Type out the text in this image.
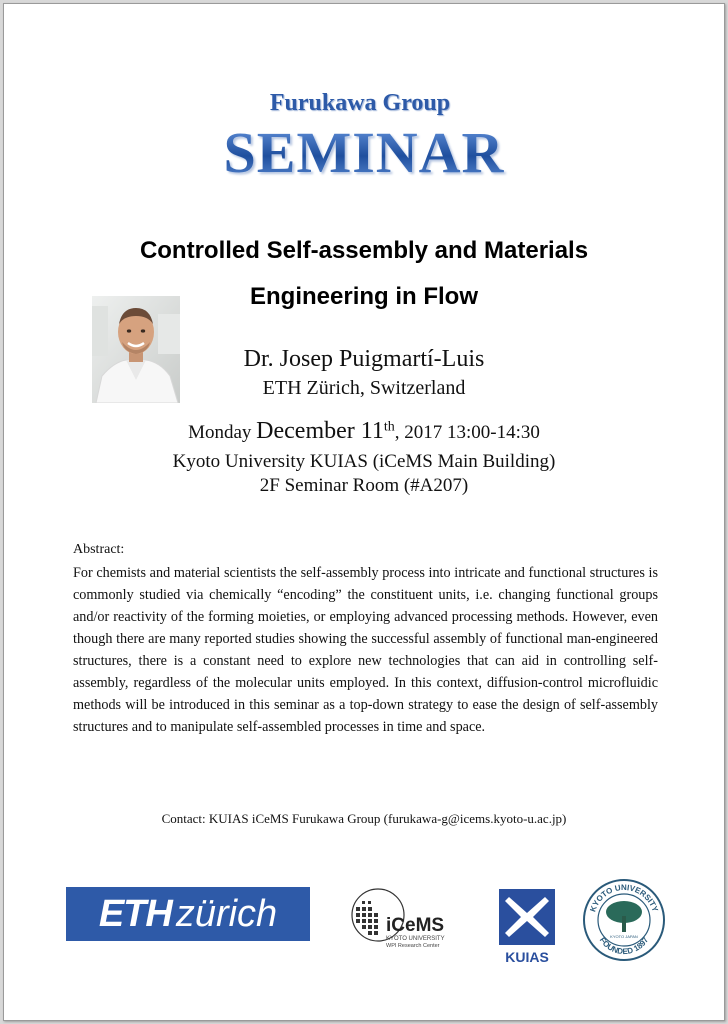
Furukawa Group
SEMINAR
Controlled Self-assembly and Materials
Engineering in Flow
Dr. Josep Puigmartí-Luis
ETH Zürich, Switzerland
Monday December 11th, 2017 13:00-14:30
Kyoto University KUIAS (iCeMS Main Building)
2F Seminar Room (#A207)
Abstract:
For chemists and material scientists the self-assembly process into intricate and functional structures is commonly studied via chemically “encoding” the constituent units, i.e. changing functional groups and/or reactivity of the forming moieties, or employing advanced processing methods. However, even though there are many reported studies showing the successful assembly of functional man-engineered structures, there is a constant need to explore new technologies that can aid in controlling self-assembly, regardless of the molecular units employed. In this context, diffusion-control microfluidic methods will be introduced in this seminar as a top-down strategy to ease the design of self-assembly structures and to manipulate self-assembled processes in time and space.
Contact: KUIAS iCeMS Furukawa Group (furukawa-g@icems.kyoto-u.ac.jp)
ETH zürich	iCeMS
KYOTO UNIVERSITY
WPI Research Center
KUIAS
KYOTO UNIVERSITY
FOUNDED 1897
KYOTO JAPAN
